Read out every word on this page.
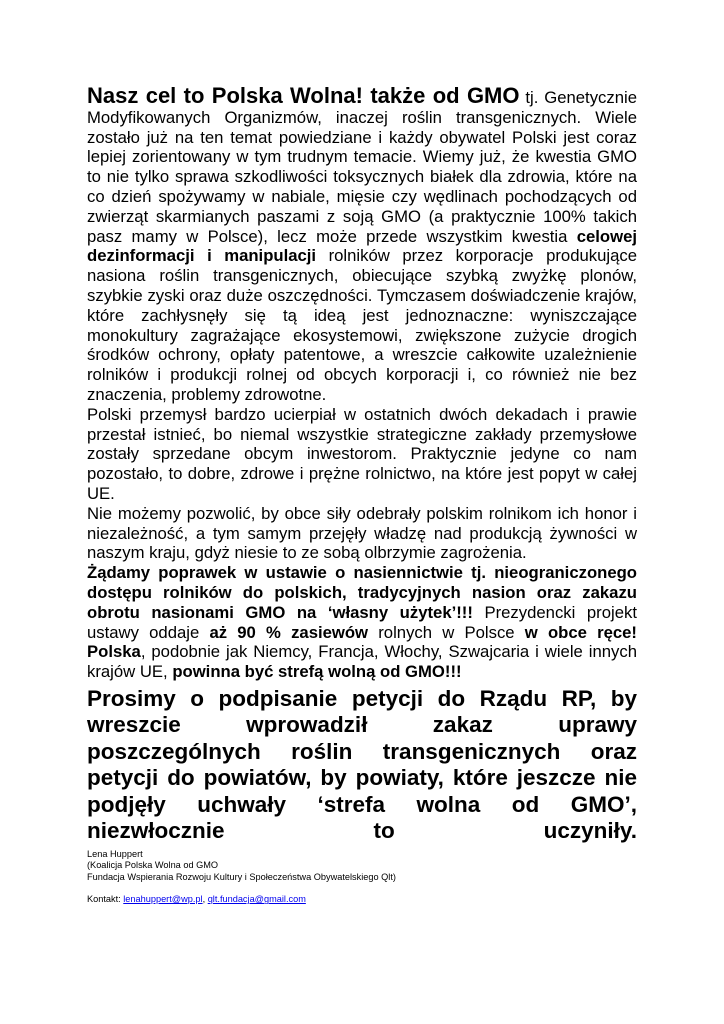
Nasz cel to Polska Wolna! także od GMO tj. Genetycznie Modyfikowanych Organizmów, inaczej roślin transgenicznych. Wiele zostało już na ten temat powiedziane i każdy obywatel Polski jest coraz lepiej zorientowany w tym trudnym temacie. Wiemy już, że kwestia GMO to nie tylko sprawa szkodliwości toksycznych białek dla zdrowia, które na co dzień spożywamy w nabiale, mięsie czy wędlinach pochodzących od zwierząt skarmianych paszami z soją GMO (a praktycznie 100% takich pasz mamy w Polsce), lecz może przede wszystkim kwestia celowej dezinformacji i manipulacji rolników przez korporacje produkujące nasiona roślin transgenicznych, obiecujące szybką zwyżkę plonów, szybkie zyski oraz duże oszczędności. Tymczasem doświadczenie krajów, które zachłysnęły się tą ideą jest jednoznaczne: wyniszczające monokultury zagrażające ekosystemowi, zwiększone zużycie drogich środków ochrony, opłaty patentowe, a wreszcie całkowite uzależnienie rolników i produkcji rolnej od obcych korporacji i, co również nie bez znaczenia, problemy zdrowotne.

Polski przemysł bardzo ucierpiał w ostatnich dwóch dekadach i prawie przestał istnieć, bo niemal wszystkie strategiczne zakłady przemysłowe zostały sprzedane obcym inwestorom. Praktycznie jedyne co nam pozostało, to dobre, zdrowe i prężne rolnictwo, na które jest popyt w całej UE.

Nie możemy pozwolić, by obce siły odebrały polskim rolnikom ich honor i niezależność, a tym samym przejęły władzę nad produkcją żywności w naszym kraju, gdyż niesie to ze sobą olbrzymie zagrożenia.

Żądamy poprawek w ustawie o nasiennictwie tj. nieograniczonego dostępu rolników do polskich, tradycyjnych nasion oraz zakazu obrotu nasionami GMO na ‘własny użytek’!!! Prezydencki projekt ustawy oddaje aż 90 % zasiewów rolnych w Polsce w obce ręce! Polska, podobnie jak Niemcy, Francja, Włochy, Szwajcaria i wiele innych krajów UE, powinna być strefą wolną od GMO!!!

Prosimy o podpisanie petycji do Rządu RP, by wreszcie wprowadził zakaz uprawy poszczególnych roślin transgenicznych oraz petycji do powiatów, by powiaty, które jeszcze nie podjęły uchwały ‘strefa wolna od GMO’, niezwłocznie to uczyniły.

Lena Huppert
(Koalicja Polska Wolna od GMO
Fundacja Wspierania Rozwoju Kultury i Społeczeństwa Obywatelskiego Qlt)
Kontakt: lenahuppert@wp.pl, qlt.fundacja@gmail.com
